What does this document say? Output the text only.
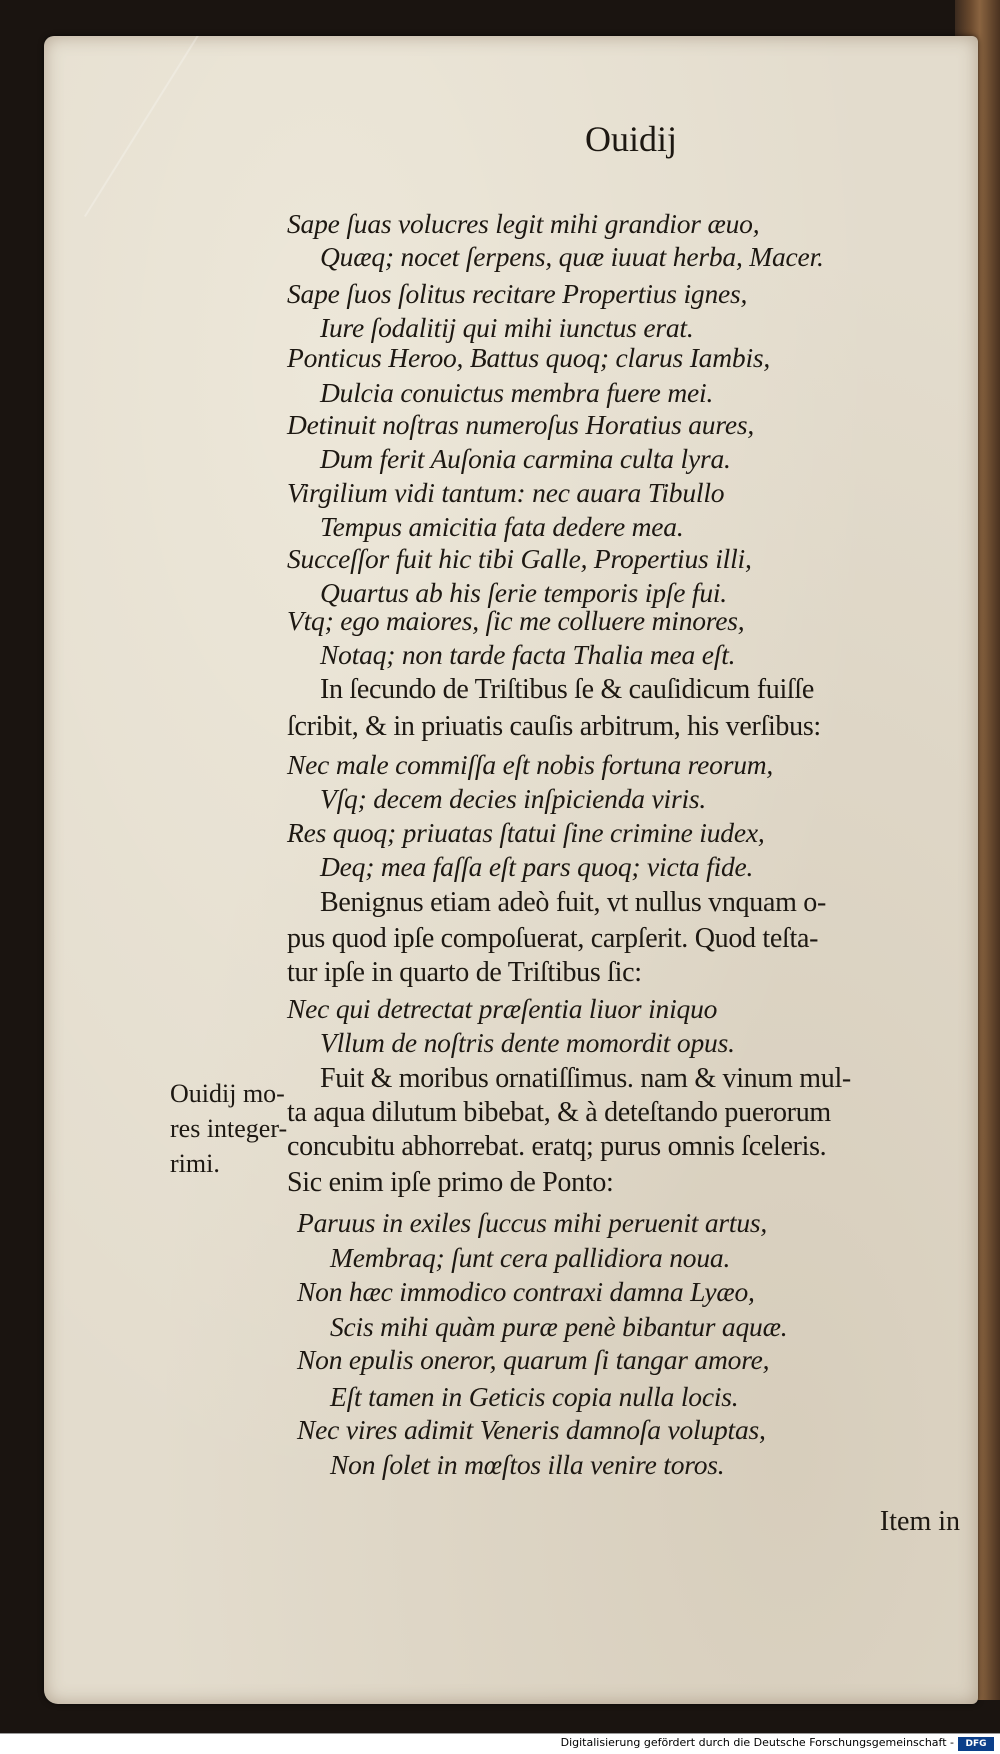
Ouidij
Sape ſuas volucres legit mihi grandior æuo,
Quæq; nocet ſerpens, quæ iuuat herba, Macer.
Sape ſuos ſolitus recitare Propertius ignes,
Iure ſodalitij qui mihi iunctus erat.
Ponticus Heroo, Battus quoq; clarus Iambis,
Dulcia conuictus membra fuere mei.
Detinuit noſtras numeroſus Horatius aures,
Dum ferit Auſonia carmina culta lyra.
Virgilium vidi tantum: nec auara Tibullo
Tempus amicitia fata dedere mea.
Succeſſor fuit hic tibi Galle, Propertius illi,
Quartus ab his ſerie temporis ipſe fui.
Vtq; ego maiores, ſic me colluere minores,
Notaq; non tarde facta Thalia mea eſt.
In ſecundo de Triſtibus ſe & cauſidicum fuiſſe
ſcribit, & in priuatis cauſis arbitrum, his verſibus:
Nec male commiſſa eſt nobis fortuna reorum,
Vſq; decem decies inſpicienda viris.
Res quoq; priuatas ſtatui ſine crimine iudex,
Deq; mea faſſa eſt pars quoq; victa fide.
Benignus etiam adeò fuit, vt nullus vnquam o-
pus quod ipſe compoſuerat, carpſerit. Quod teſta-
tur ipſe in quarto de Triſtibus ſic:
Nec qui detrectat præſentia liuor iniquo
Vllum de noſtris dente momordit opus.
Fuit & moribus ornatiſſimus. nam & vinum mul-
ta aqua dilutum bibebat, & à deteſtando puerorum
concubitu abhorrebat. eratq; purus omnis ſceleris.
Sic enim ipſe primo de Ponto:
Paruus in exiles ſuccus mihi peruenit artus,
Membraq; ſunt cera pallidiora noua.
Non hæc immodico contraxi damna Lyæo,
Scis mihi quàm puræ penè bibantur aquæ.
Non epulis oneror, quarum ſi tangar amore,
Eſt tamen in Geticis copia nulla locis.
Nec vires adimit Veneris damnoſa voluptas,
Non ſolet in mœſtos illa venire toros.
Ouidij mo-
res integer-
rimi.
Item in
Digitalisierung gefördert durch die Deutsche Forschungsgemeinschaft -	DFG
